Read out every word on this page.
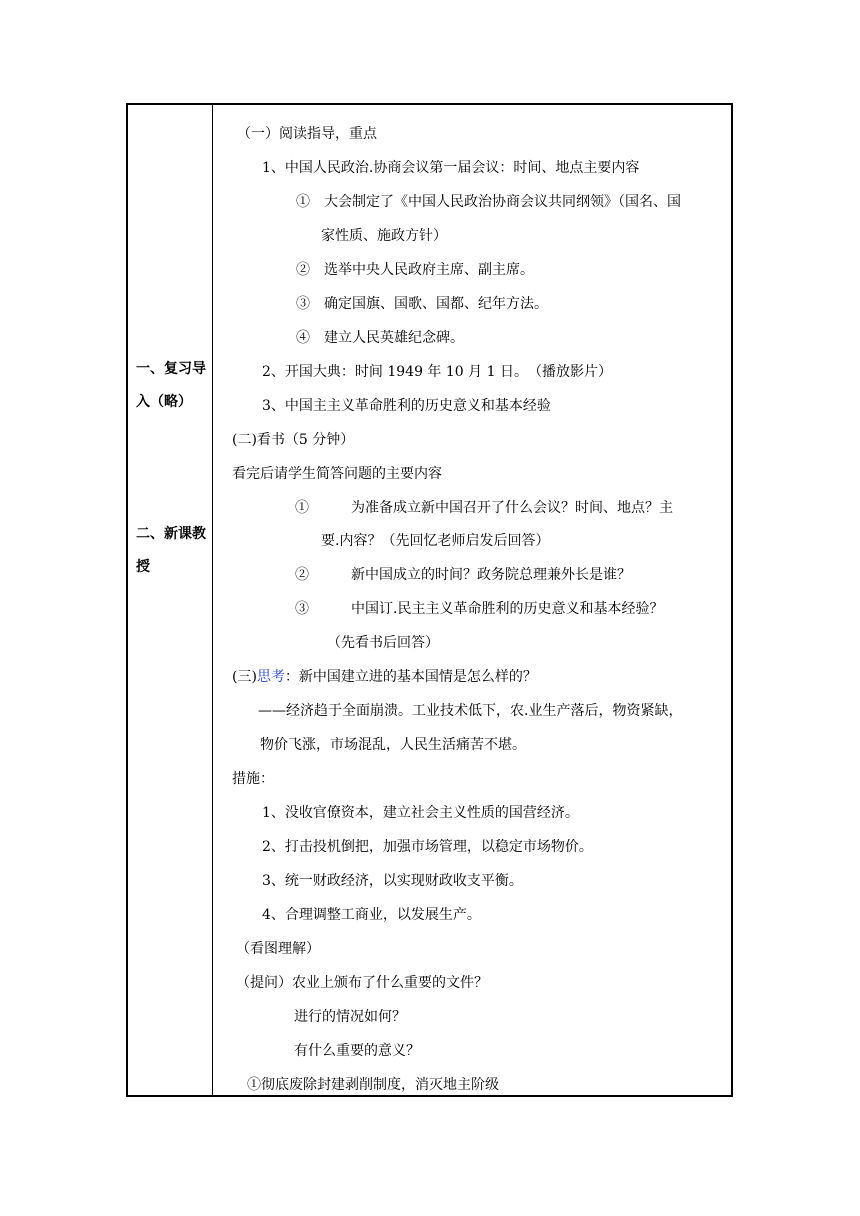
一、复习导
入（略）
二、新课教
授
（一）阅读指导，重点
1、中国人民政治.协商会议第一届会议：时间、地点主要内容
①　大会制定了《中国人民政治协商会议共同纲领》（国名、国
家性质、施政方针）
②　选举中央人民政府主席、副主席。
③　确定国旗、国歌、国都、纪年方法。
④　建立人民英雄纪念碑。
2、开国大典：时间 1949 年 10 月 1 日。　（播放影片）
3、中国主主义革命胜利的历史意义和基本经验
(二)看书（5 分钟）
看完后请学生简答问题的主要内容
①　　　为准备成立新中国召开了什么会议？时间、地点？主
要.内容？（先回忆老师启发后回答）
②　　　新中国成立的时间？政务院总理兼外长是谁？
③　　　中国订.民主主义革命胜利的历史意义和基本经验？
（先看书后回答）
(三)思考：新中国建立进的基本国情是怎么样的？
——经济趋于全面崩溃。工业技术低下，农.业生产落后，物资紧缺，
物价飞涨，市场混乱，人民生活痛苦不堪。
措施：
1、没收官僚资本，建立社会主义性质的国营经济。
2、打击投机倒把，加强市场管理，以稳定市场物价。
3、统一财政经济，以实现财政收支平衡。
4、合理调整工商业，以发展生产。
（看图理解）
（提问）农业上颁布了什么重要的文件？
进行的情况如何？
有什么重要的意义？
①彻底废除封建剥削制度，消灭地主阶级
